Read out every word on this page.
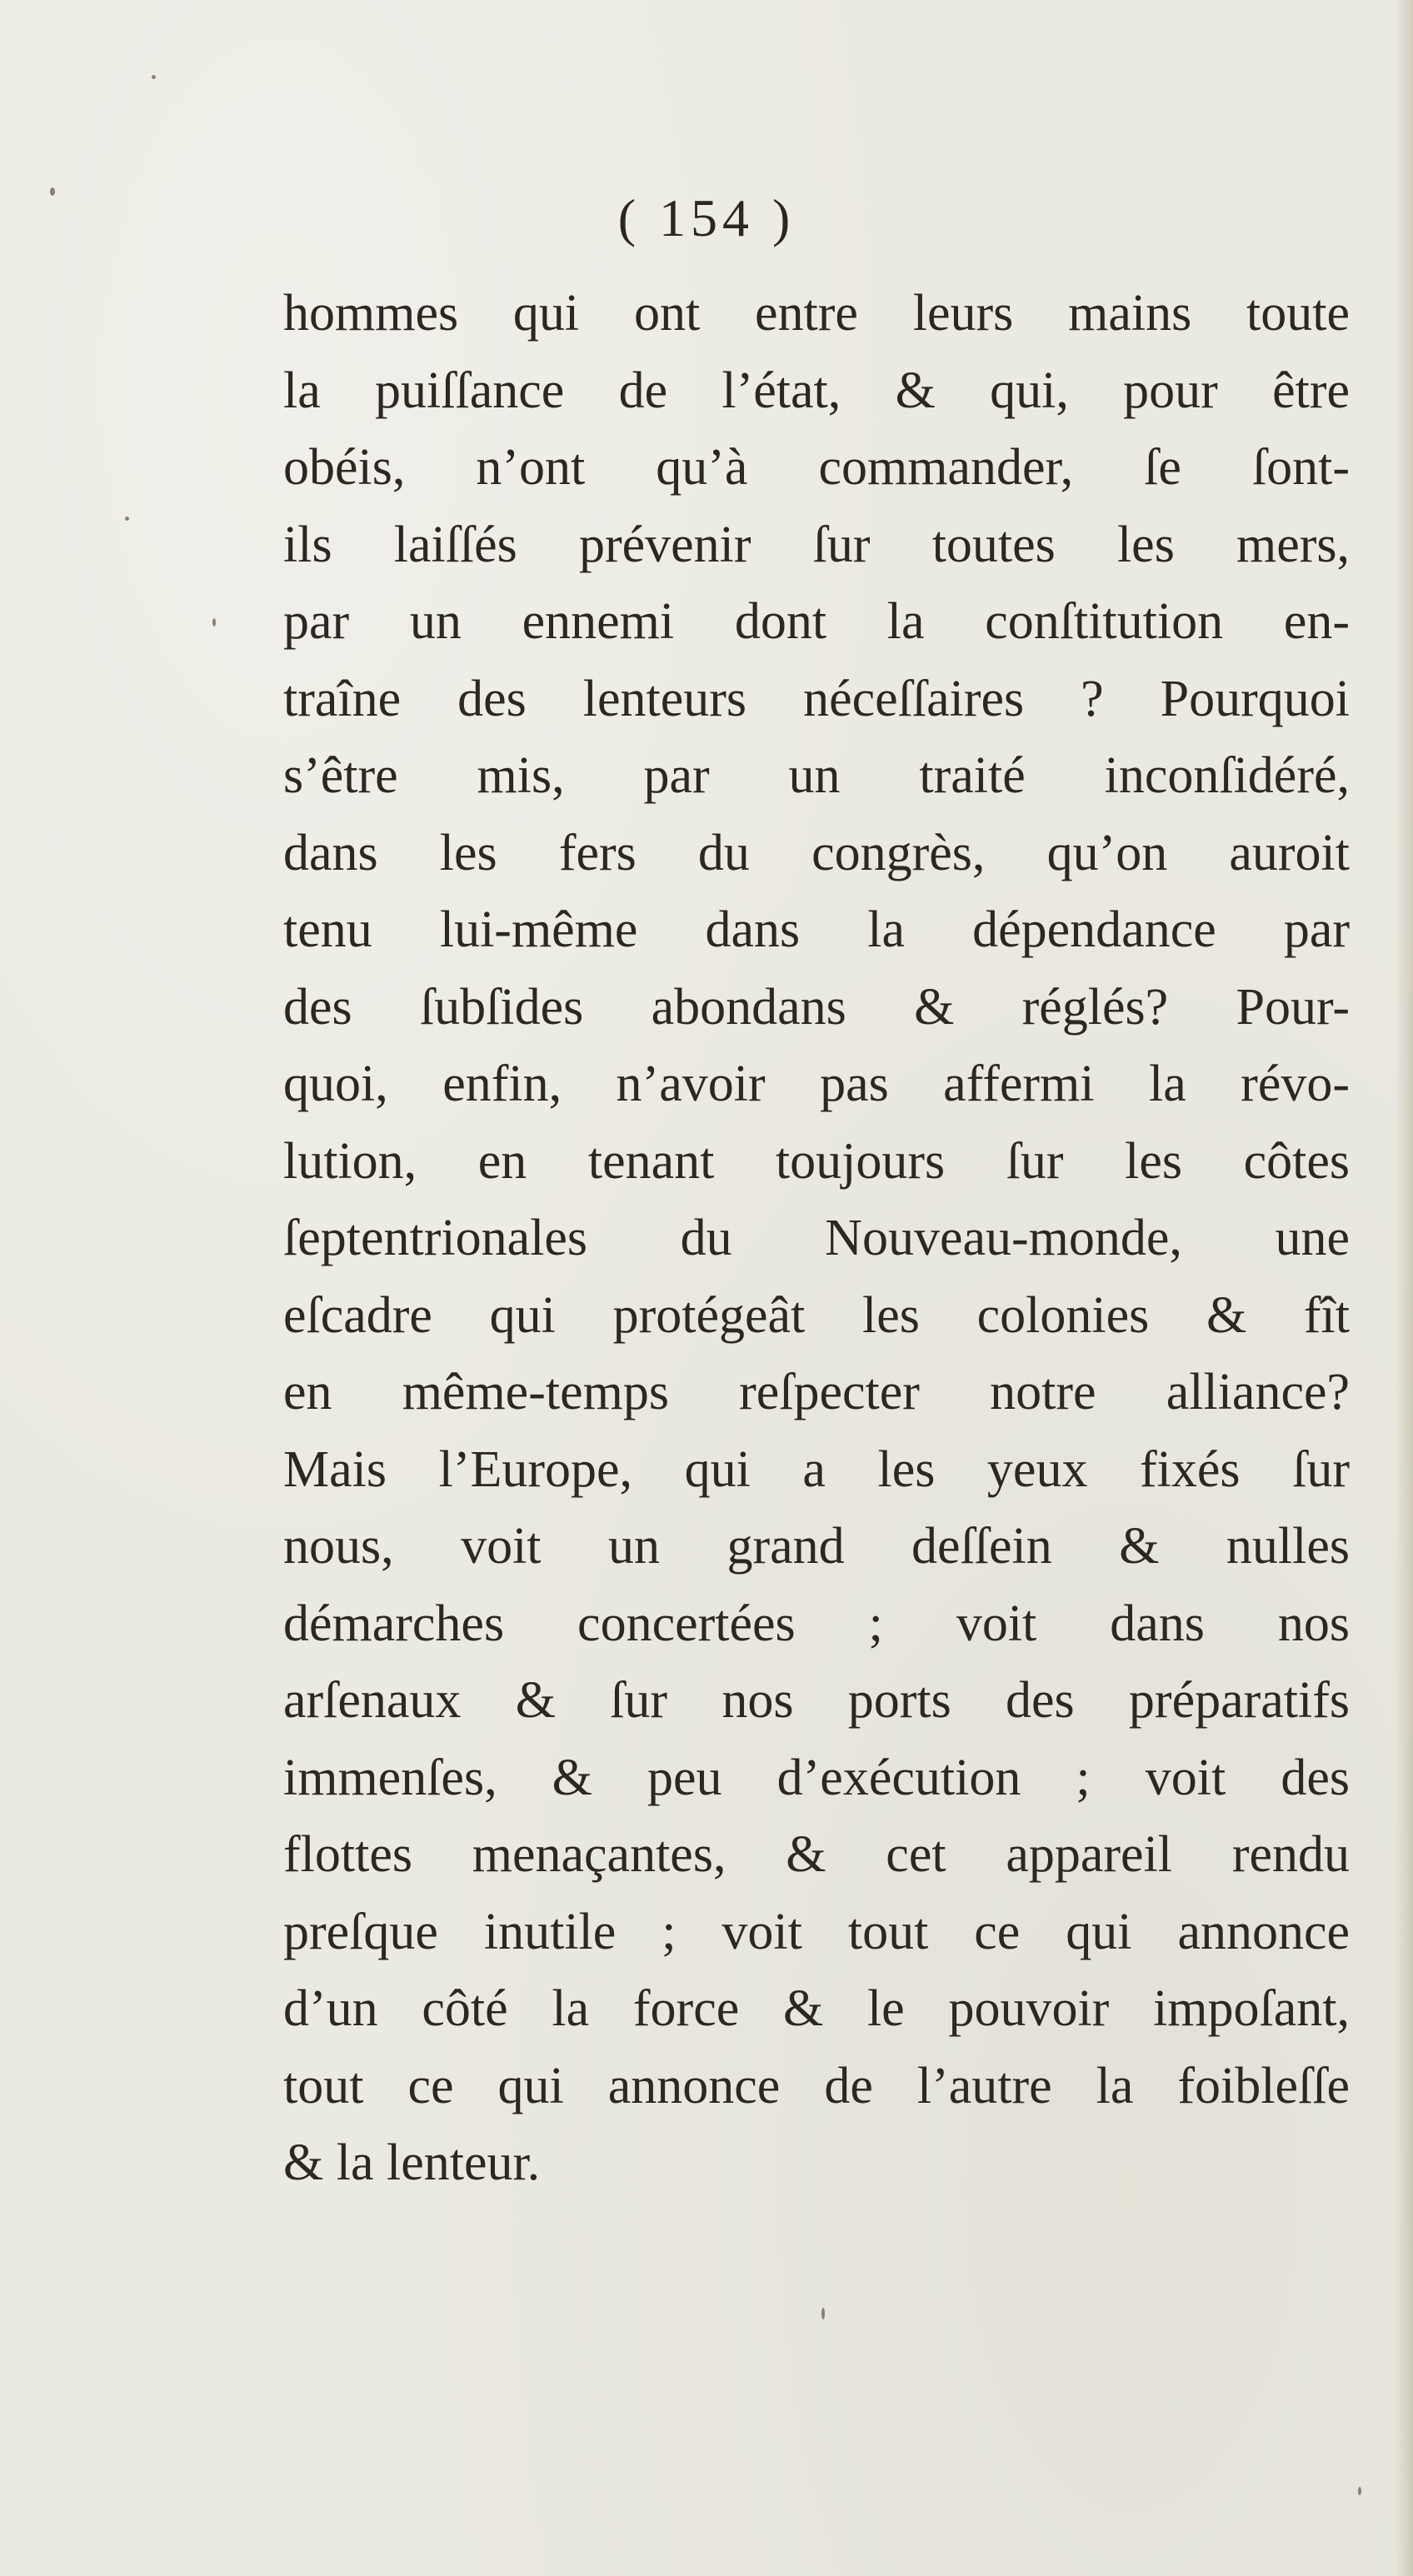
( 154 )
hommes qui ont entre leurs mains toute
la puiſſance de l’état, & qui, pour être
obéis, n’ont qu’à commander, ſe ſont-
ils laiſſés prévenir ſur toutes les mers,
par un ennemi dont la conſtitution en-
traîne des lenteurs néceſſaires ? Pourquoi
s’être mis, par un traité inconſidéré,
dans les fers du congrès, qu’on auroit
tenu lui-même dans la dépendance par
des ſubſides abondans & réglés? Pour-
quoi, enfin, n’avoir pas affermi la révo-
lution, en tenant toujours ſur les côtes
ſeptentrionales du Nouveau-monde, une
eſcadre qui protégeât les colonies & fît
en même-temps reſpecter notre alliance?
Mais l’Europe, qui a les yeux fixés ſur
nous, voit un grand deſſein & nulles
démarches concertées ; voit dans nos
arſenaux & ſur nos ports des préparatifs
immenſes, & peu d’exécution ; voit des
flottes menaçantes, & cet appareil rendu
preſque inutile ; voit tout ce qui annonce
d’un côté la force & le pouvoir impoſant,
tout ce qui annonce de l’autre la foibleſſe
& la lenteur.
